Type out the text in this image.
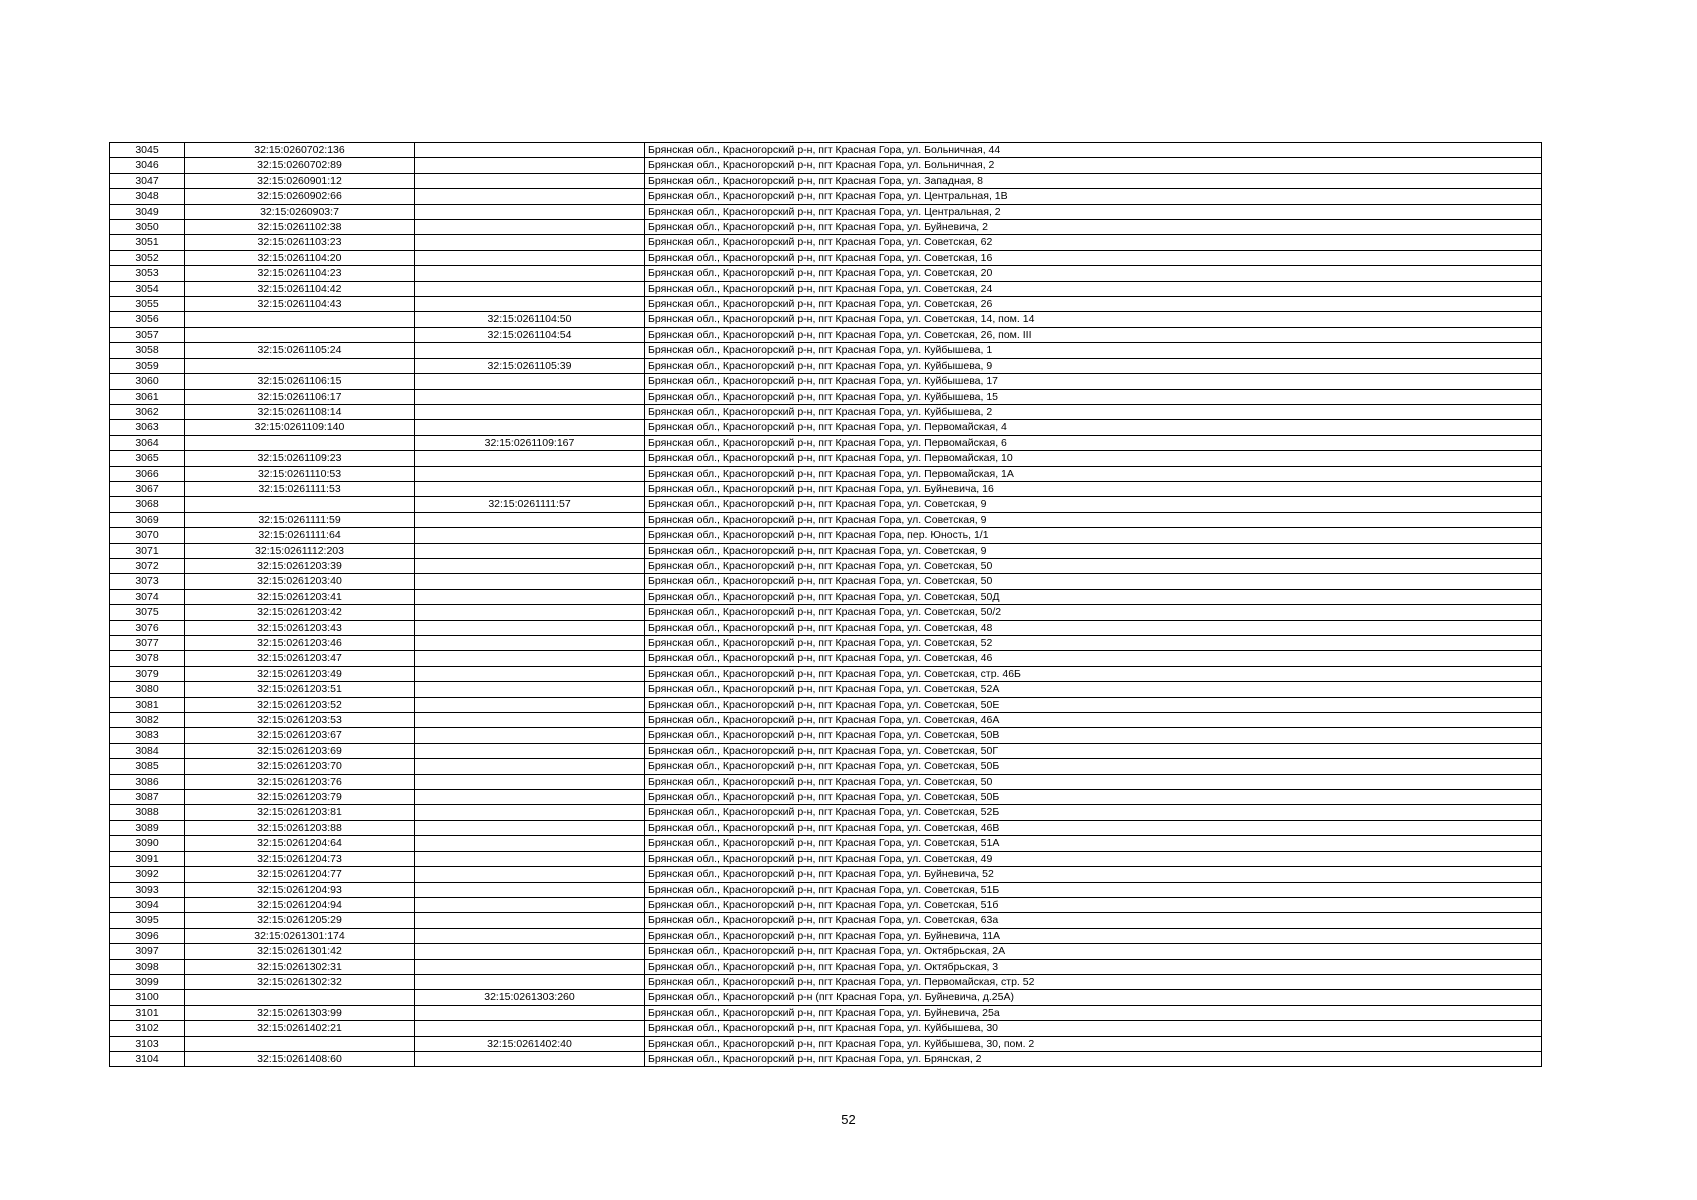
3045	32:15:0260702:136		Брянская обл., Красногорский р-н, пгт Красная Гора, ул. Больничная, 44
3046	32:15:0260702:89		Брянская обл., Красногорский р-н, пгт Красная Гора, ул. Больничная, 2
3047	32:15:0260901:12		Брянская обл., Красногорский р-н, пгт Красная Гора, ул. Западная, 8
3048	32:15:0260902:66		Брянская обл., Красногорский р-н, пгт Красная Гора, ул. Центральная, 1В
3049	32:15:0260903:7		Брянская обл., Красногорский р-н, пгт Красная Гора, ул. Центральная, 2
3050	32:15:0261102:38		Брянская обл., Красногорский р-н, пгт Красная Гора, ул. Буйневича, 2
3051	32:15:0261103:23		Брянская обл., Красногорский р-н, пгт Красная Гора, ул. Советская, 62
3052	32:15:0261104:20		Брянская обл., Красногорский р-н, пгт Красная Гора, ул. Советская, 16
3053	32:15:0261104:23		Брянская обл., Красногорский р-н, пгт Красная Гора, ул. Советская, 20
3054	32:15:0261104:42		Брянская обл., Красногорский р-н, пгт Красная Гора, ул. Советская, 24
3055	32:15:0261104:43		Брянская обл., Красногорский р-н, пгт Красная Гора, ул. Советская, 26
3056		32:15:0261104:50	Брянская обл., Красногорский р-н, пгт Красная Гора, ул. Советская, 14, пом. 14
3057		32:15:0261104:54	Брянская обл., Красногорский р-н, пгт Красная Гора, ул. Советская, 26, пом. III
3058	32:15:0261105:24		Брянская обл., Красногорский р-н, пгт Красная Гора, ул. Куйбышева, 1
3059		32:15:0261105:39	Брянская обл., Красногорский р-н, пгт Красная Гора, ул. Куйбышева, 9
3060	32:15:0261106:15		Брянская обл., Красногорский р-н, пгт Красная Гора, ул. Куйбышева, 17
3061	32:15:0261106:17		Брянская обл., Красногорский р-н, пгт Красная Гора, ул. Куйбышева, 15
3062	32:15:0261108:14		Брянская обл., Красногорский р-н, пгт Красная Гора, ул. Куйбышева, 2
3063	32:15:0261109:140		Брянская обл., Красногорский р-н, пгт Красная Гора, ул. Первомайская, 4
3064		32:15:0261109:167	Брянская обл., Красногорский р-н, пгт Красная Гора, ул. Первомайская, 6
3065	32:15:0261109:23		Брянская обл., Красногорский р-н, пгт Красная Гора, ул. Первомайская, 10
3066	32:15:0261110:53		Брянская обл., Красногорский р-н, пгт Красная Гора, ул. Первомайская, 1А
3067	32:15:0261111:53		Брянская обл., Красногорский р-н, пгт Красная Гора, ул. Буйневича, 16
3068		32:15:0261111:57	Брянская обл., Красногорский р-н, пгт Красная Гора, ул. Советская, 9
3069	32:15:0261111:59		Брянская обл., Красногорский р-н, пгт Красная Гора, ул. Советская, 9
3070	32:15:0261111:64		Брянская обл., Красногорский р-н, пгт Красная Гора, пер. Юность, 1/1
3071	32:15:0261112:203		Брянская обл., Красногорский р-н, пгт Красная Гора, ул. Советская, 9
3072	32:15:0261203:39		Брянская обл., Красногорский р-н, пгт Красная Гора, ул. Советская, 50
3073	32:15:0261203:40		Брянская обл., Красногорский р-н, пгт Красная Гора, ул. Советская, 50
3074	32:15:0261203:41		Брянская обл., Красногорский р-н, пгт Красная Гора, ул. Советская, 50Д
3075	32:15:0261203:42		Брянская обл., Красногорский р-н, пгт Красная Гора, ул. Советская, 50/2
3076	32:15:0261203:43		Брянская обл., Красногорский р-н, пгт Красная Гора, ул. Советская, 48
3077	32:15:0261203:46		Брянская обл., Красногорский р-н, пгт Красная Гора, ул. Советская, 52
3078	32:15:0261203:47		Брянская обл., Красногорский р-н, пгт Красная Гора, ул. Советская, 46
3079	32:15:0261203:49		Брянская обл., Красногорский р-н, пгт Красная Гора, ул. Советская, стр. 46Б
3080	32:15:0261203:51		Брянская обл., Красногорский р-н, пгт Красная Гора, ул. Советская, 52А
3081	32:15:0261203:52		Брянская обл., Красногорский р-н, пгт Красная Гора, ул. Советская, 50Е
3082	32:15:0261203:53		Брянская обл., Красногорский р-н, пгт Красная Гора, ул. Советская, 46А
3083	32:15:0261203:67		Брянская обл., Красногорский р-н, пгт Красная Гора, ул. Советская, 50В
3084	32:15:0261203:69		Брянская обл., Красногорский р-н, пгт Красная Гора, ул. Советская, 50Г
3085	32:15:0261203:70		Брянская обл., Красногорский р-н, пгт Красная Гора, ул. Советская, 50Б
3086	32:15:0261203:76		Брянская обл., Красногорский р-н, пгт Красная Гора, ул. Советская, 50
3087	32:15:0261203:79		Брянская обл., Красногорский р-н, пгт Красная Гора, ул. Советская, 50Б
3088	32:15:0261203:81		Брянская обл., Красногорский р-н, пгт Красная Гора, ул. Советская, 52Б
3089	32:15:0261203:88		Брянская обл., Красногорский р-н, пгт Красная Гора, ул. Советская, 46В
3090	32:15:0261204:64		Брянская обл., Красногорский р-н, пгт Красная Гора, ул. Советская, 51А
3091	32:15:0261204:73		Брянская обл., Красногорский р-н, пгт Красная Гора, ул. Советская, 49
3092	32:15:0261204:77		Брянская обл., Красногорский р-н, пгт Красная Гора, ул. Буйневича, 52
3093	32:15:0261204:93		Брянская обл., Красногорский р-н, пгт Красная Гора, ул. Советская, 51Б
3094	32:15:0261204:94		Брянская обл., Красногорский р-н, пгт Красная Гора, ул. Советская, 51б
3095	32:15:0261205:29		Брянская обл., Красногорский р-н, пгт Красная Гора, ул. Советская, 63а
3096	32:15:0261301:174		Брянская обл., Красногорский р-н, пгт Красная Гора, ул. Буйневича, 11А
3097	32:15:0261301:42		Брянская обл., Красногорский р-н, пгт Красная Гора, ул. Октябрьская, 2А
3098	32:15:0261302:31		Брянская обл., Красногорский р-н, пгт Красная Гора, ул. Октябрьская, 3
3099	32:15:0261302:32		Брянская обл., Красногорский р-н, пгт Красная Гора, ул. Первомайская, стр. 52
3100		32:15:0261303:260	Брянская обл., Красногорский р-н (пгт Красная Гора, ул. Буйневича, д.25А)
3101	32:15:0261303:99		Брянская обл., Красногорский р-н, пгт Красная Гора, ул. Буйневича, 25а
3102	32:15:0261402:21		Брянская обл., Красногорский р-н, пгт Красная Гора, ул. Куйбышева, 30
3103		32:15:0261402:40	Брянская обл., Красногорский р-н, пгт Красная Гора, ул. Куйбышева, 30, пом. 2
3104	32:15:0261408:60		Брянская обл., Красногорский р-н, пгт Красная Гора, ул. Брянская, 2
52
